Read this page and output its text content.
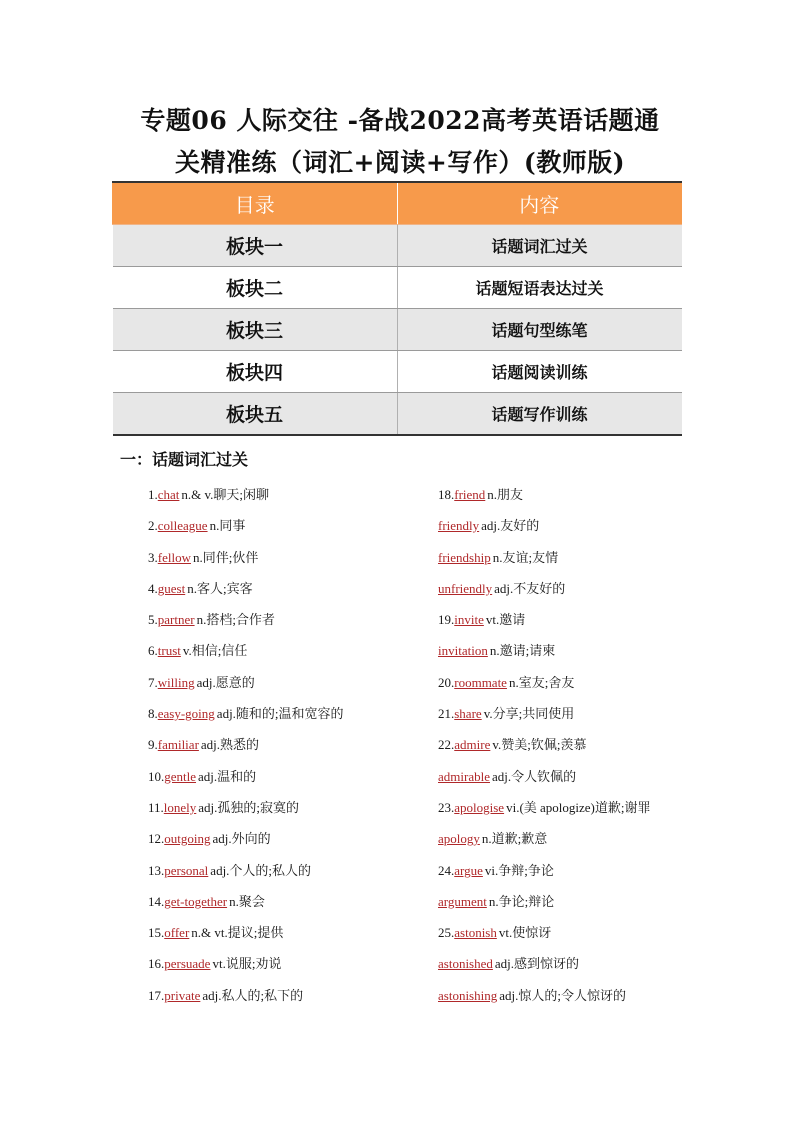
专题06 人际交往 -备战2022高考英语话题通
关精准练（词汇+阅读+写作）(教师版)
目录	内容
板块一	话题词汇过关
板块二	话题短语表达过关
板块三	话题句型练笔
板块四	话题阅读训练
板块五	话题写作训练
一：话题词汇过关
1.chat n.& v.聊天;闲聊
2.colleague n.同事
3.fellow n.同伴;伙伴
4.guest n.客人;宾客
5.partner n.搭档;合作者
6.trust v.相信;信任
7.willing adj.愿意的
8.easy-going adj.随和的;温和宽容的
9.familiar adj.熟悉的
10.gentle adj.温和的
11.lonely adj.孤独的;寂寞的
12.outgoing adj.外向的
13.personal adj.个人的;私人的
14.get-together n.聚会
15.offer n.& vt.提议;提供
16.persuade vt.说服;劝说
17.private adj.私人的;私下的
18.friend n.朋友
friendly adj.友好的
friendship n.友谊;友情
unfriendly adj.不友好的
19.invite vt.邀请
invitation n.邀请;请柬
20.roommate n.室友;舍友
21.share v.分享;共同使用
22.admire v.赞美;钦佩;羡慕
admirable adj.令人钦佩的
23.apologise vi.(美 apologize)道歉;谢罪
apology n.道歉;歉意
24.argue vi.争辩;争论
argument n.争论;辩论
25.astonish vt.使惊讶
astonished adj.感到惊讶的
astonishing adj.惊人的;令人惊讶的
